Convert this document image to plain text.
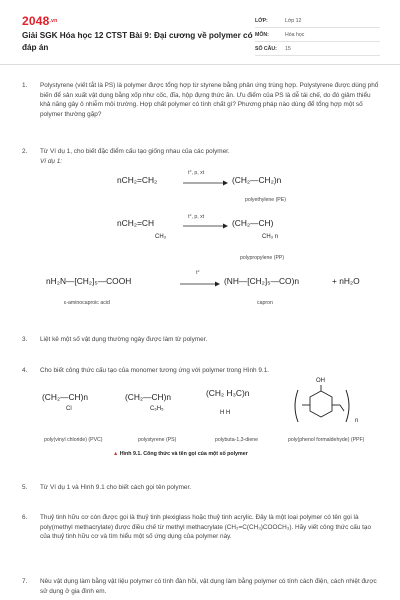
$2048^{.vn}$
Giải SGK Hóa học 12 CTST Bài 9: Đại cương về polymer có đáp án
LỚP:	Lớp 12
MÔN:	Hóa học
SỐ CÂU:	15
1. Polystyrene (viết tắt là PS) là polymer được tổng hợp từ styrene bằng phản ứng trùng hợp. Polystyrene được dùng phổ biến để sản xuất vật dụng bằng xốp như cốc, đĩa, hộp đựng thức ăn. Ưu điểm của PS là dễ tái chế, do đó giảm thiểu khả năng gây ô nhiễm môi trường. Hợp chất polymer có tính chất gì? Phương pháp nào dùng để tổng hợp một số polymer thường gặp?
2. Từ Ví dụ 1, cho biết đặc điểm cấu tạo giống nhau của các polymer.
Ví dụ 1:
nCH₂=CH₂
t°, p, xt
→ (CH₂—CH₂)n
polyethylene (PE)
nCH₂=CH
CH₃
t°, p, xt
→ (CH₂—CH)
CH₃ n
polypropylene (PP)
nH₂N—[CH₂]₅—COOH
t°
→ (NH—[CH₂]₅—CO)n	+ nH₂O
ε-aminocaproic acid	capron
3. Liệt kê một số vật dụng thường ngày được làm từ polymer.
4. Cho biết công thức cấu tạo của monomer tương ứng với polymer trong Hình 9.1.
(CH₂—CH)n
Cl
(CH₂—CH)n
C₆H₅
(CH₂ H₃C)n
H H
OH
n
poly(vinyl chloride) (PVC)	polystyrene (PS)	polybuta-1,3-diene	poly(phenol formaldehyde) (PPF)
▲ Hình 9.1. Công thức và tên gọi của một số polymer
5. Từ Ví dụ 1 và Hình 9.1 cho biết cách gọi tên polymer.
6. Thuỷ tinh hữu cơ còn được gọi là thuỷ tinh plexiglass hoặc thuỷ tinh acrylic. Đây là một loại polymer có tên gọi là poly(methyl methacrylate) được điều chế từ methyl methacrylate (CH₂=C(CH₃)COOCH₃). Hãy viết công thức cấu tạo của thuỷ tinh hữu cơ và tìm hiểu một số ứng dụng của polymer này.
7. Nêu vật dụng làm bằng vật liệu polymer có tính đàn hồi, vật dụng làm bằng polymer có tính cách điện, cách nhiệt được sử dụng ở gia đình em.
